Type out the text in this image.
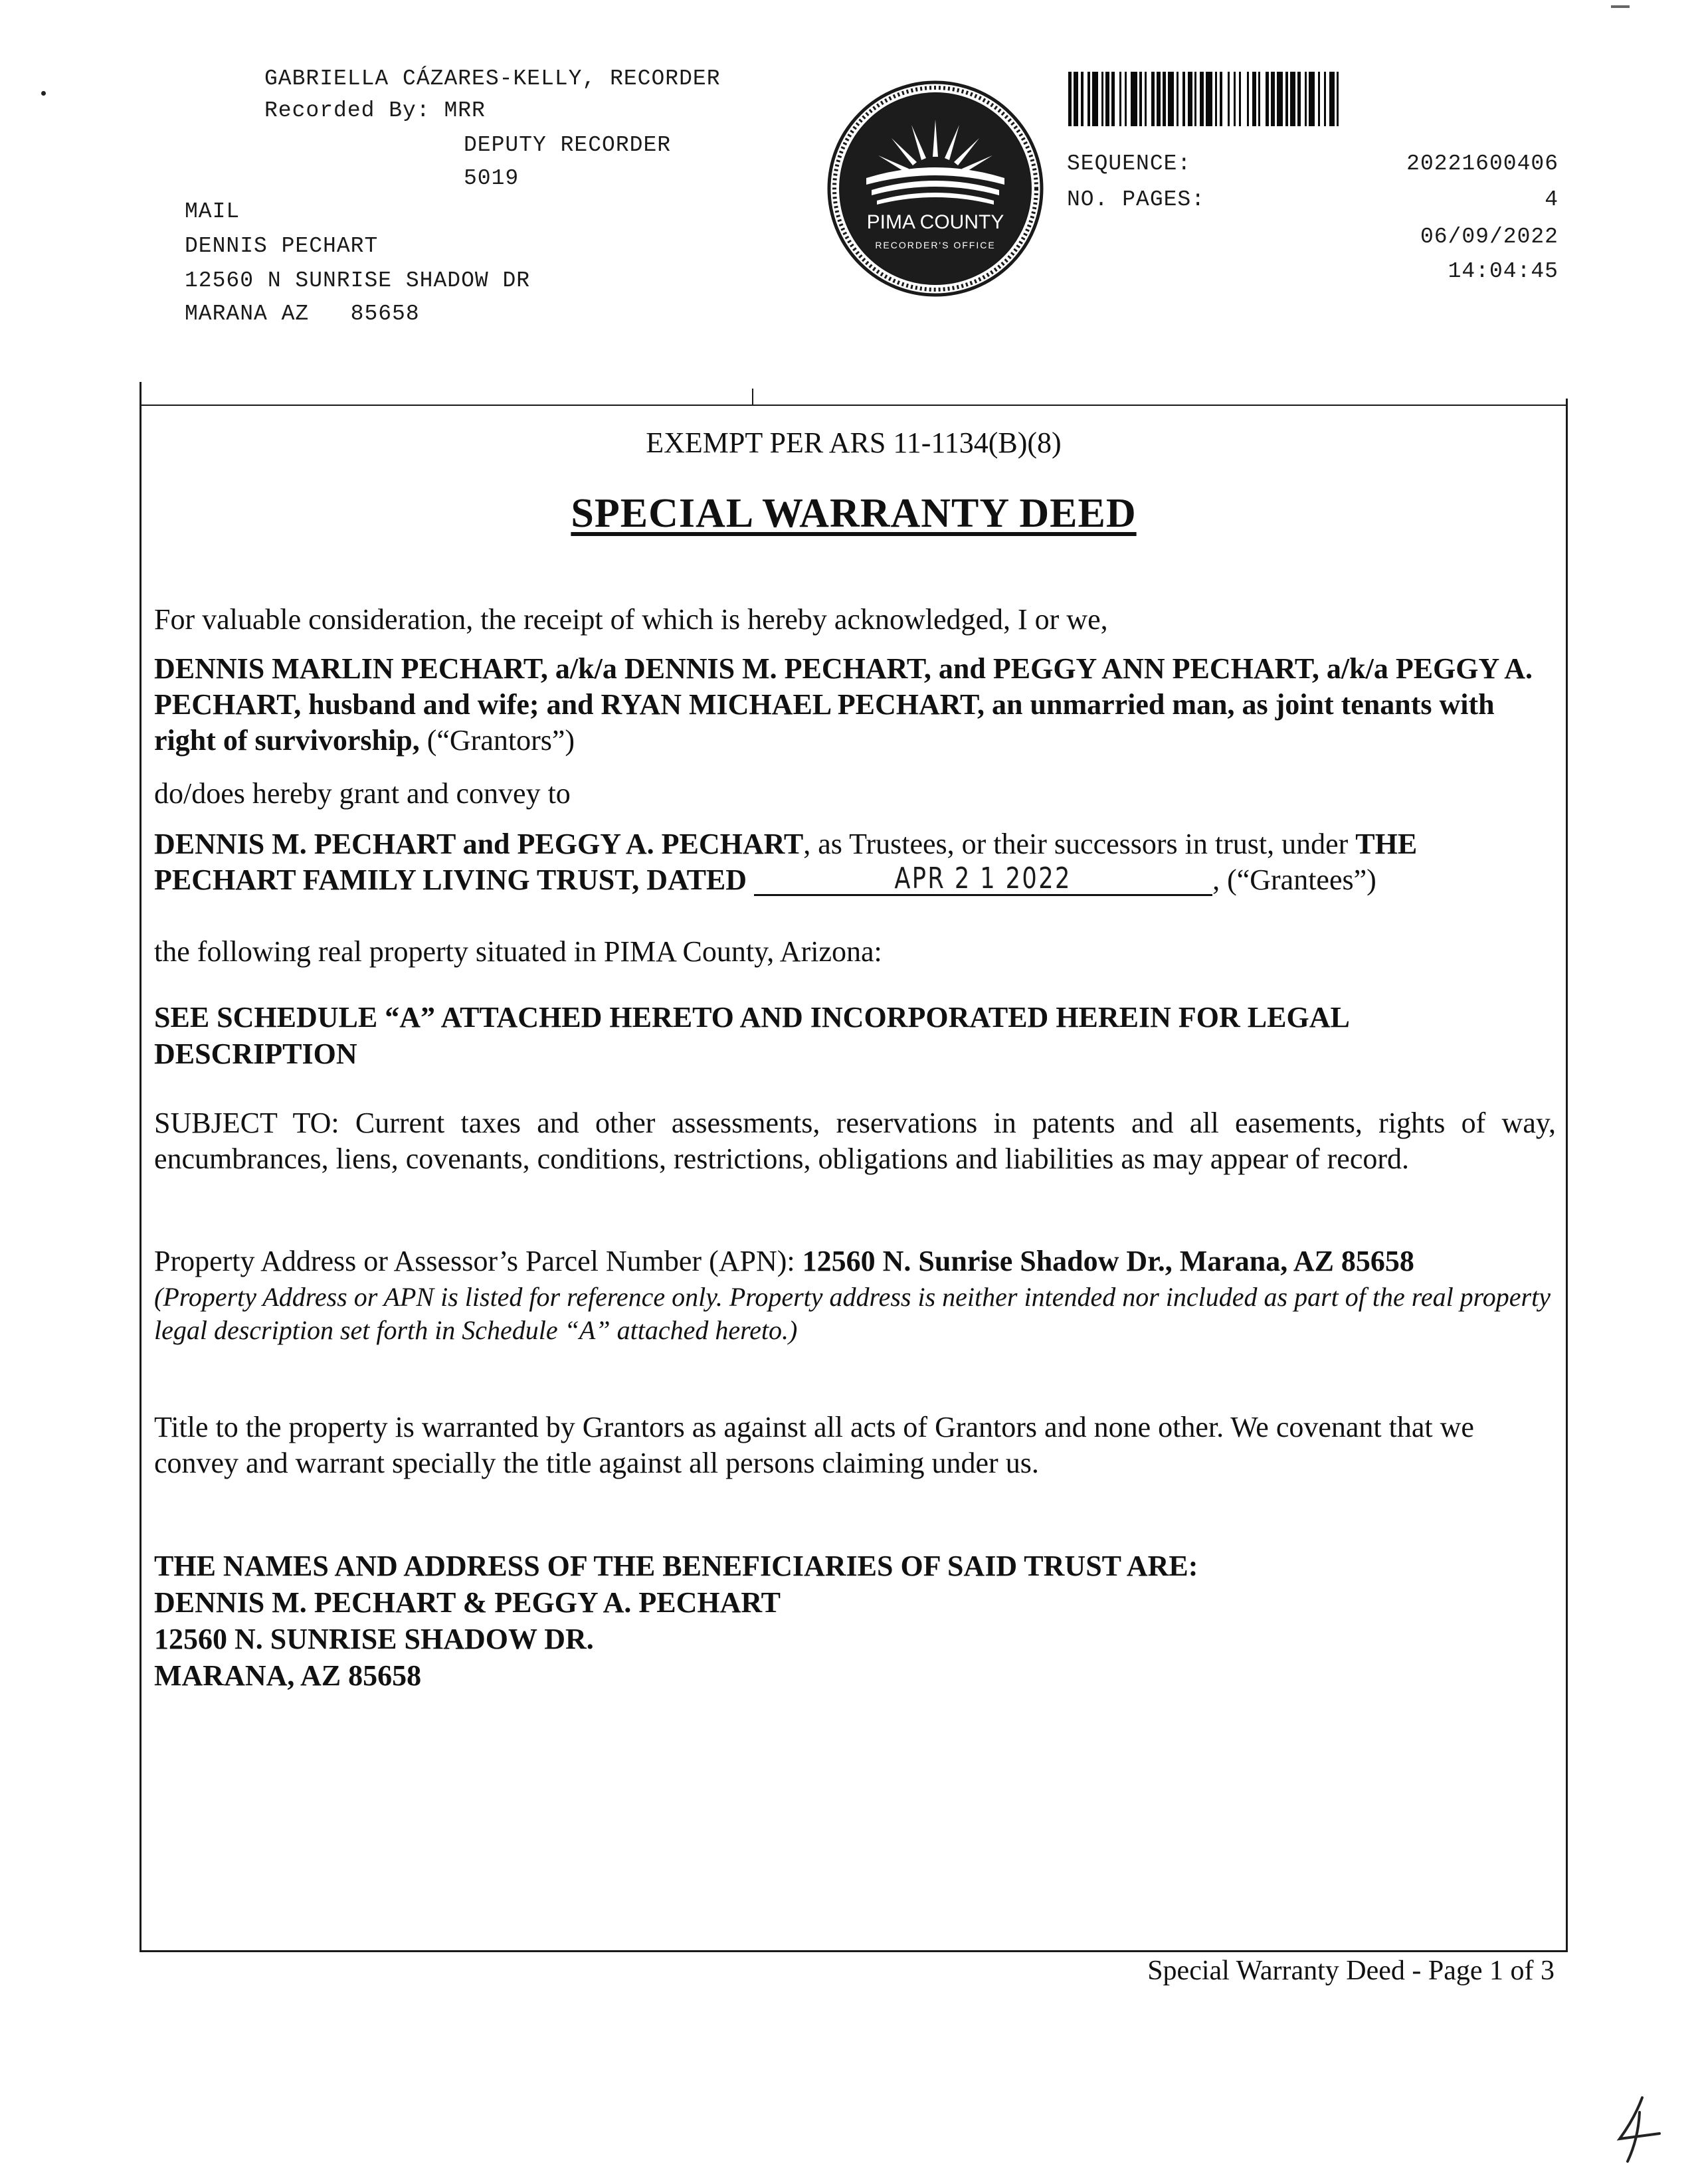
GABRIELLA CÁZARES-KELLY, RECORDER
Recorded By: MRR
DEPUTY RECORDER
5019
MAIL
DENNIS PECHART
12560 N SUNRISE SHADOW DR
MARANA AZ   85658
PIMA COUNTY
RECORDER'S OFFICE
SEQUENCE:	20221600406
NO. PAGES:	4
06/09/2022
14:04:45
EXEMPT PER ARS 11-1134(B)(8)
SPECIAL WARRANTY DEED
For valuable consideration, the receipt of which is hereby acknowledged, I or we,
DENNIS MARLIN PECHART, a/k/a DENNIS M. PECHART, and PEGGY ANN PECHART, a/k/a PEGGY A. PECHART, husband and wife; and RYAN MICHAEL PECHART, an unmarried man, as joint tenants with right of survivorship, (“Grantors”)
do/does hereby grant and convey to
DENNIS M. PECHART and PEGGY A. PECHART, as Trustees, or their successors in trust, under THE PECHART FAMILY LIVING TRUST, DATED	APR 2 1 2022	, (“Grantees”)
the following real property situated in PIMA County, Arizona:
SEE SCHEDULE “A” ATTACHED HERETO AND INCORPORATED HEREIN FOR LEGAL DESCRIPTION
SUBJECT TO: Current taxes and other assessments, reservations in patents and all easements, rights of way, encumbrances, liens, covenants, conditions, restrictions, obligations and liabilities as may appear of record.
Property Address or Assessor’s Parcel Number (APN): 12560 N. Sunrise Shadow Dr., Marana, AZ 85658
(Property Address or APN is listed for reference only. Property address is neither intended nor included as part of the real property legal description set forth in Schedule “A” attached hereto.)
Title to the property is warranted by Grantors as against all acts of Grantors and none other. We covenant that we convey and warrant specially the title against all persons claiming under us.
THE NAMES AND ADDRESS OF THE BENEFICIARIES OF SAID TRUST ARE:
DENNIS M. PECHART & PEGGY A. PECHART
12560 N. SUNRISE SHADOW DR.
MARANA, AZ 85658
Special Warranty Deed - Page 1 of 3
